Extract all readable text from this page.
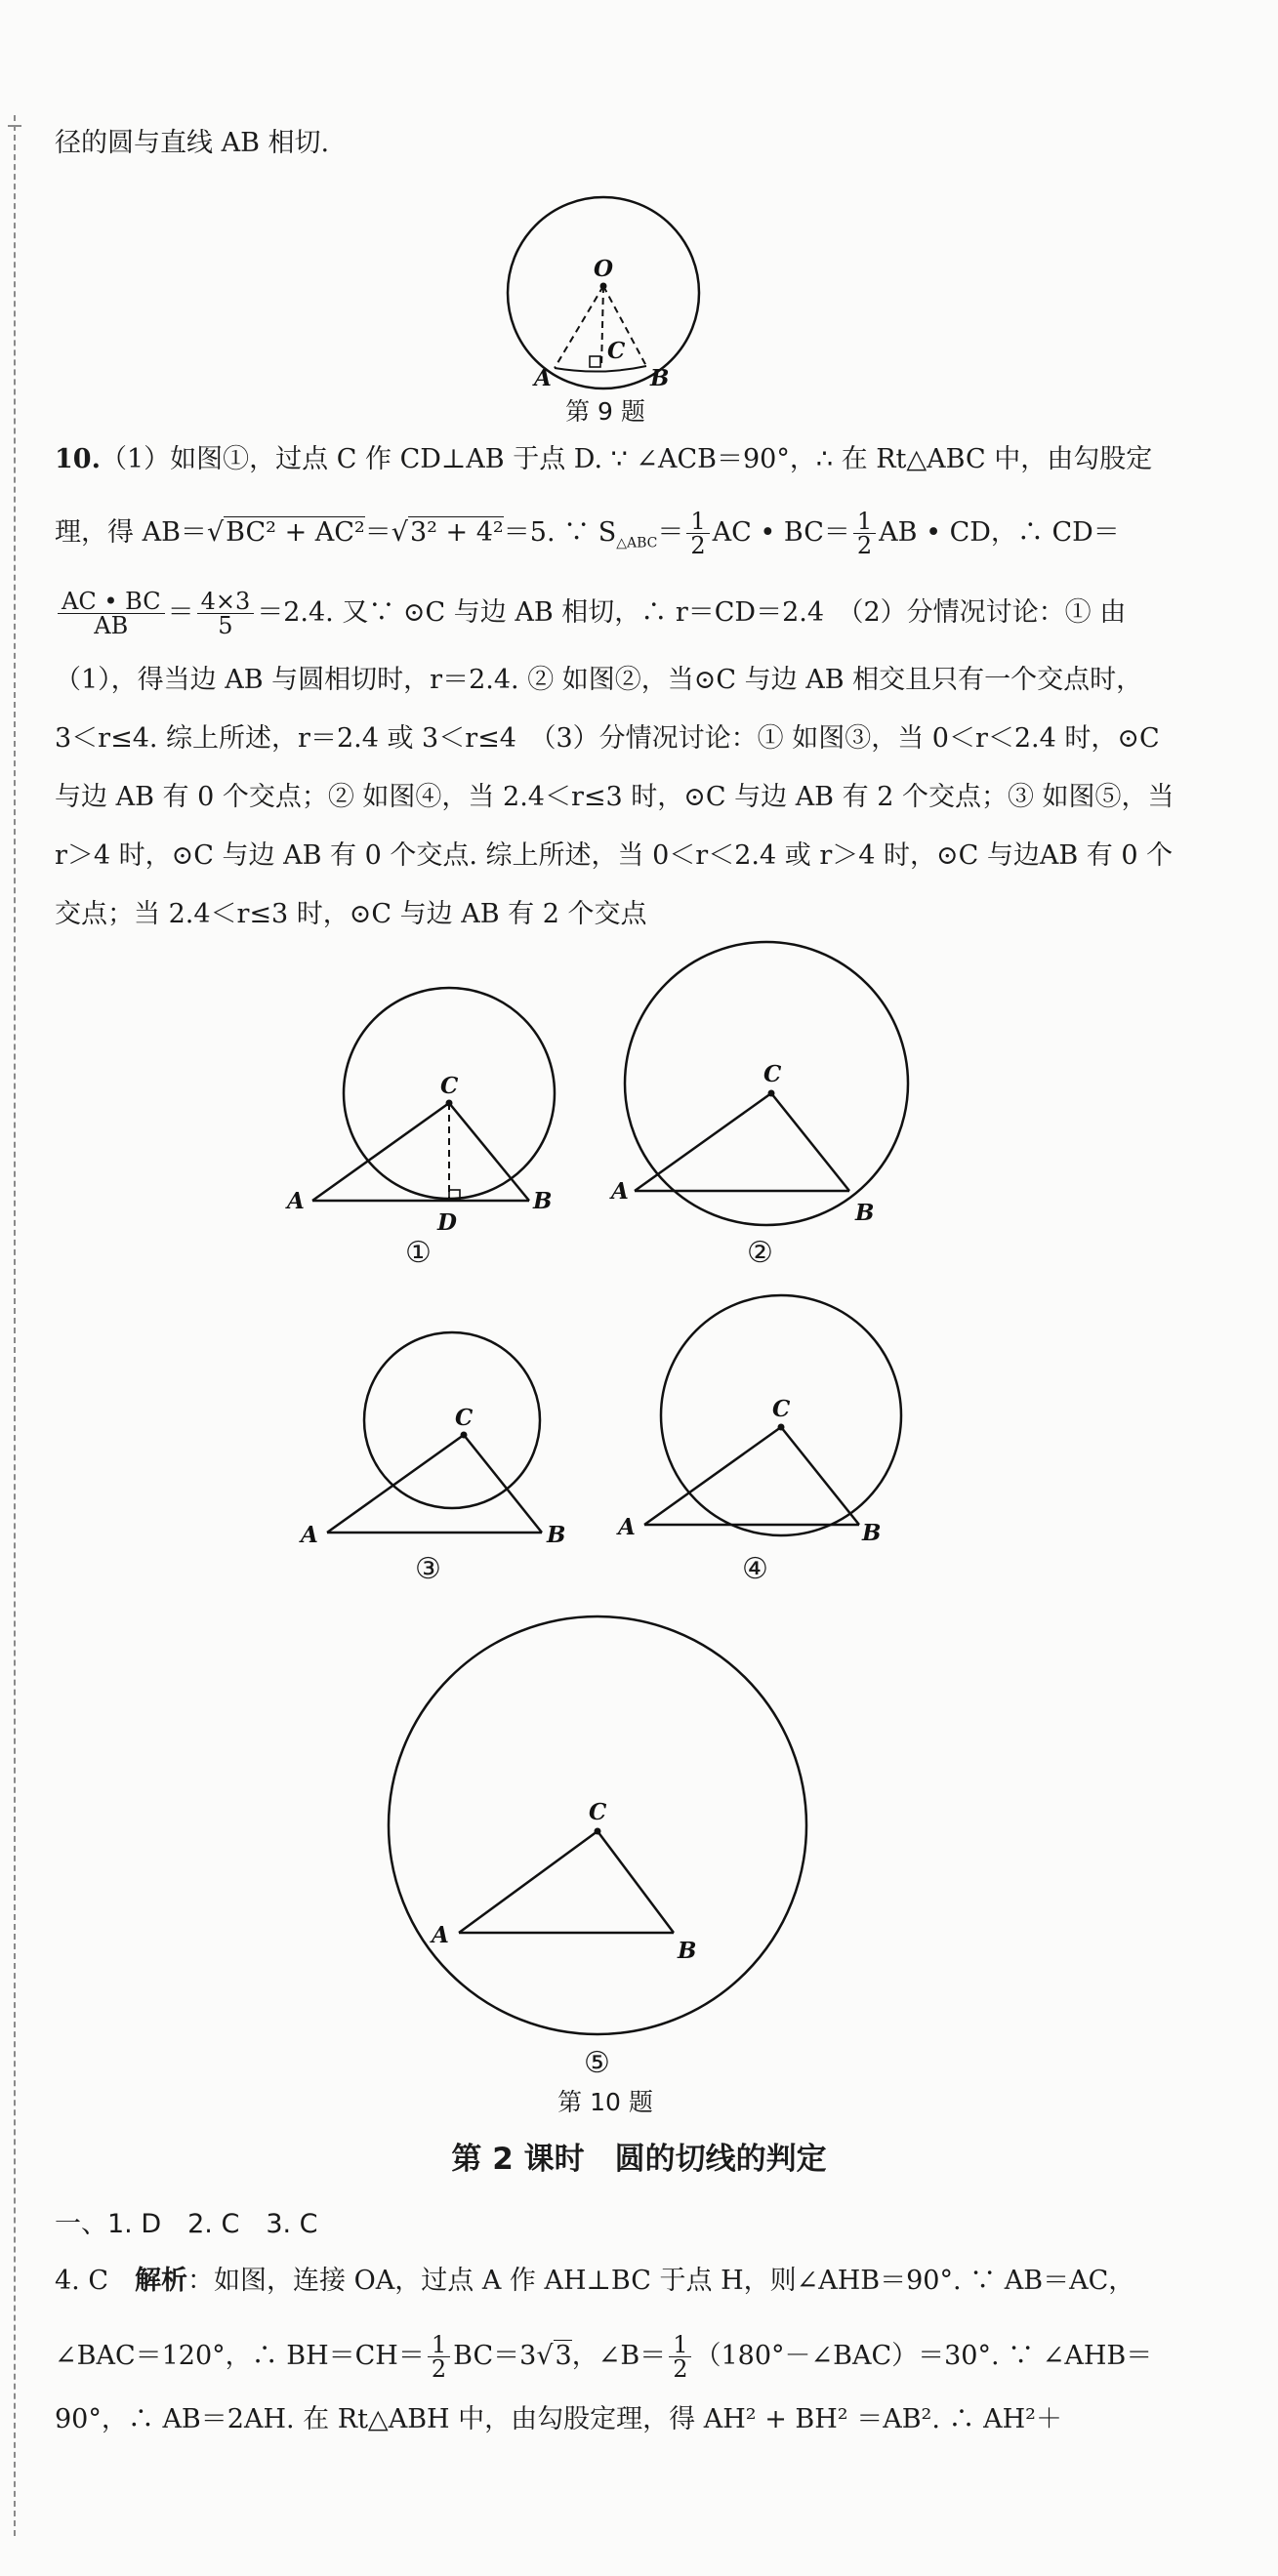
径的圆与直线 AB 相切.
O
C
A	B
第 9 题
10.（1）如图①，过点 C 作 CD⊥AB 于点 D. ∵ ∠ACB＝90°，∴ 在 Rt△ABC 中，由勾股定
理，得 AB＝√BC² + AC²＝√3² + 4²＝5. ∵ $S_{\triangle ABC}= \frac{1}{2}$ AC • $BC= \frac{1}{2}$ AB • CD，∴ CD＝
$\frac{AC • BC}{AB} = \frac{4\times 3}{5} =2.4$. 又∵ ⊙C 与边 AB 相切，∴ r＝CD＝2.4　（2）分情况讨论：① 由
（1），得当边 AB 与圆相切时，r＝2.4. ② 如图②，当⊙C 与边 AB 相交且只有一个交点时，
3＜r≤4. 综上所述，r＝2.4 或 3＜r≤4　（3）分情况讨论：① 如图③，当 0＜r＜2.4 时，⊙C
与边 AB 有 0 个交点；② 如图④，当 2.4＜r≤3 时，⊙C 与边 AB 有 2 个交点；③ 如图⑤，当
r＞4 时，⊙C 与边 AB 有 0 个交点. 综上所述，当 0＜r＜2.4 或 r＞4 时，⊙C 与边AB 有 0 个
交点；当 2.4＜r≤3 时，⊙C 与边 AB 有 2 个交点
C
A	B
D
①
C
A
B
②
C
A	B
③
C
A	B
④
C
A
B
⑤
第 10 题
第 2 课时　圆的切线的判定
一、1. D　2. C　3. C
4. C　解析：如图，连接 OA，过点 A 作 AH⊥BC 于点 H，则∠AHB＝90°. ∵ AB＝AC，
∠BAC＝120°，∴ $BH=CH= \frac{1}{2} BC=3√3$，∠B＝ $\frac{1}{2}$ （180°－∠BAC）＝30°. ∵ ∠AHB＝
90°，∴ AB＝2AH. 在 Rt△ABH 中，由勾股定理，得 AH² + BH² ＝AB². ∴ AH²＋
